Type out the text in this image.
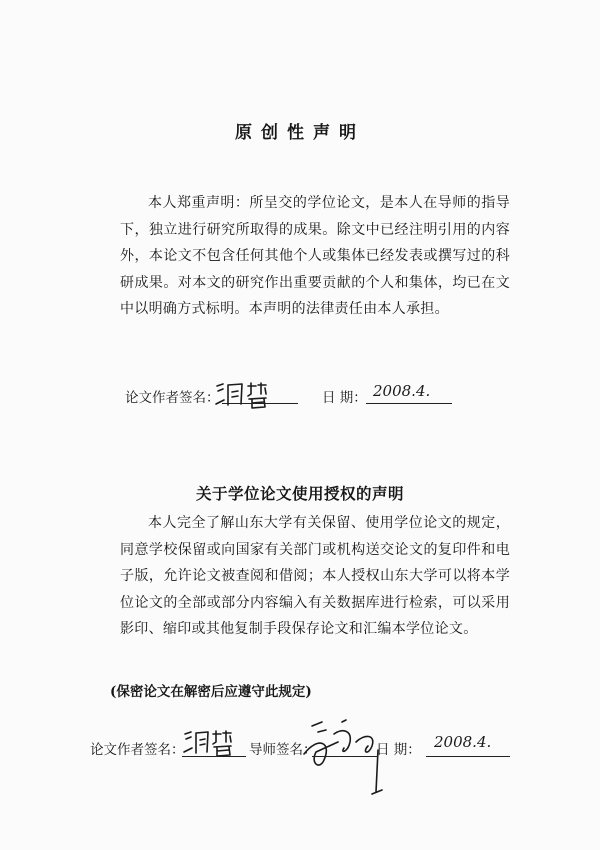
原创性声明

本人郑重声明：所呈交的学位论文，是本人在导师的指导下，独立进行研究所取得的成果。除文中已经注明引用的内容外，本论文不包含任何其他个人或集体已经发表或撰写过的科研成果。对本文的研究作出重要贡献的个人和集体，均已在文中以明确方式标明。本声明的法律责任由本人承担。

论文作者签名：	日 期： 2008.4.
关于学位论文使用授权的声明

本人完全了解山东大学有关保留、使用学位论文的规定，同意学校保留或向国家有关部门或机构送交论文的复印件和电子版，允许论文被查阅和借阅；本人授权山东大学可以将本学位论文的全部或部分内容编入有关数据库进行检索，可以采用影印、缩印或其他复制手段保存论文和汇编本学位论文。

(保密论文在解密后应遵守此规定)
论文作者签名：	导师签名：	日 期： 2008.4.
